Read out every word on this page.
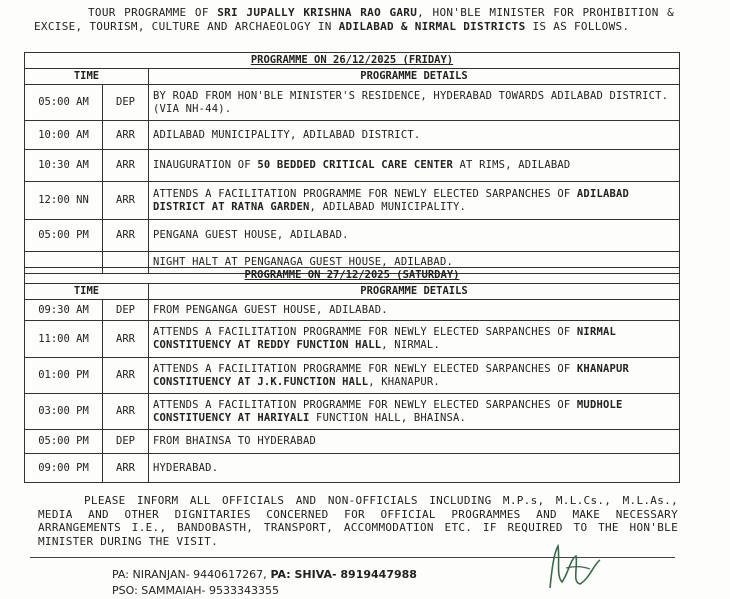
TOUR PROGRAMME OF SRI JUPALLY KRISHNA RAO GARU, HON'BLE MINISTER FOR PROHIBITION & EXCISE, TOURISM, CULTURE AND ARCHAEOLOGY IN ADILABAD & NIRMAL DISTRICTS IS AS FOLLOWS.
PROGRAMME ON 26/12/2025 (FRIDAY)		
TIME		PROGRAMME DETAILS
05:00 AM	DEP	BY ROAD FROM HON'BLE MINISTER'S RESIDENCE, HYDERABAD TOWARDS ADILABAD DISTRICT. (VIA NH-44).
10:00 AM	ARR	ADILABAD MUNICIPALITY, ADILABAD DISTRICT.
10:30 AM	ARR	INAUGURATION OF 50 BEDDED CRITICAL CARE CENTER AT RIMS, ADILABAD
12:00 NN	ARR	ATTENDS A FACILITATION PROGRAMME FOR NEWLY ELECTED SARPANCHES OF ADILABAD DISTRICT AT RATNA GARDEN, ADILABAD MUNICIPALITY.
05:00 PM	ARR	PENGANA GUEST HOUSE, ADILABAD.
		NIGHT HALT AT PENGANAGA GUEST HOUSE, ADILABAD.
PROGRAMME ON 27/12/2025 (SATURDAY)		
TIME		PROGRAMME DETAILS
09:30 AM	DEP	FROM PENGANGA GUEST HOUSE, ADILABAD.
11:00 AM	ARR	ATTENDS A FACILITATION PROGRAMME FOR NEWLY ELECTED SARPANCHES OF NIRMAL CONSTITUENCY AT REDDY FUNCTION HALL, NIRMAL.
01:00 PM	ARR	ATTENDS A FACILITATION PROGRAMME FOR NEWLY ELECTED SARPANCHES OF KHANAPUR CONSTITUENCY AT J.K.FUNCTION HALL, KHANAPUR.
03:00 PM	ARR	ATTENDS A FACILITATION PROGRAMME FOR NEWLY ELECTED SARPANCHES OF MUDHOLE CONSTITUENCY AT HARIYALI FUNCTION HALL, BHAINSA.
05:00 PM	DEP	FROM BHAINSA TO HYDERABAD
09:00 PM	ARR	HYDERABAD.
PLEASE INFORM ALL OFFICIALS AND NON-OFFICIALS INCLUDING M.P.s, M.L.Cs., M.L.As., MEDIA AND OTHER DIGNITARIES CONCERNED FOR OFFICIAL PROGRAMMES AND MAKE NECESSARY ARRANGEMENTS I.E., BANDOBASTH, TRANSPORT, ACCOMMODATION ETC. IF REQUIRED TO THE HON'BLE MINISTER DURING THE VISIT.
PA: NIRANJAN- 9440617267, PA: SHIVA- 8919447988
PSO: SAMMAIAH- 9533343355
